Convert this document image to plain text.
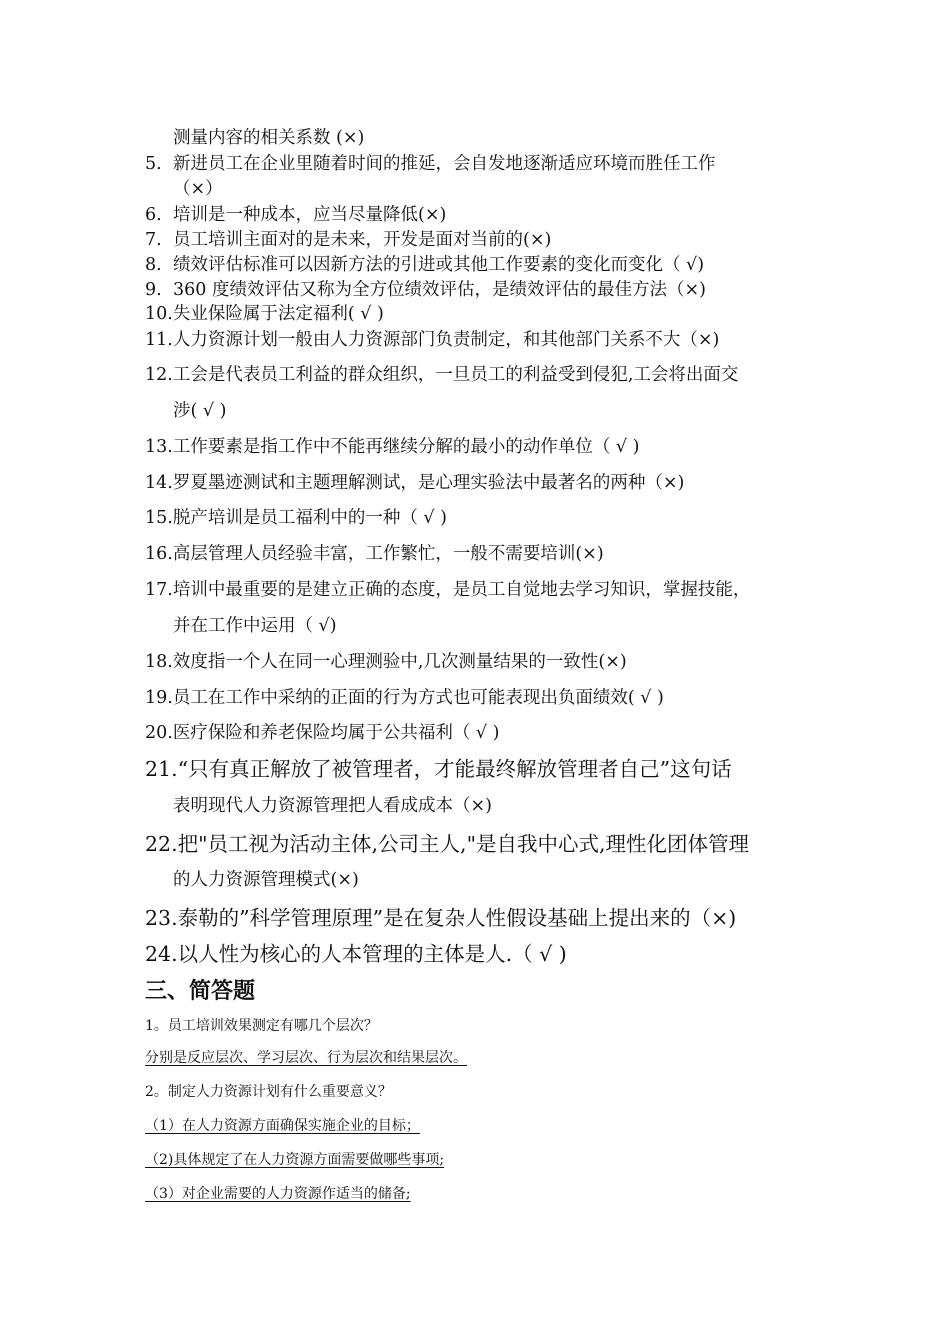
测量内容的相关系数 (×)
5. 新进员工在企业里随着时间的推延，会自发地逐渐适应环境而胜任工作
（×）
6. 培训是一种成本，应当尽量降低(×)
7. 员工培训主面对的是未来，开发是面对当前的(×)
8. 绩效评估标准可以因新方法的引进或其他工作要素的变化而变化（ √)
9. 360 度绩效评估又称为全方位绩效评估，是绩效评估的最佳方法（×)
10.失业保险属于法定福利( √ )
11.人力资源计划一般由人力资源部门负责制定，和其他部门关系不大（×)
12.工会是代表员工利益的群众组织，一旦员工的利益受到侵犯,工会将出面交
涉( √ )
13.工作要素是指工作中不能再继续分解的最小的动作单位（ √ )
14.罗夏墨迹测试和主题理解测试，是心理实验法中最著名的两种（×)
15.脱产培训是员工福利中的一种（ √ )
16.高层管理人员经验丰富，工作繁忙，一般不需要培训(×)
17.培训中最重要的是建立正确的态度，是员工自觉地去学习知识，掌握技能，
并在工作中运用（ √)
18.效度指一个人在同一心理测验中,几次测量结果的一致性(×)
19.员工在工作中采纳的正面的行为方式也可能表现出负面绩效( √ )
20.医疗保险和养老保险均属于公共福利（ √ )
21.“只有真正解放了被管理者，才能最终解放管理者自己”这句话
表明现代人力资源管理把人看成成本（×)
22.把"员工视为活动主体,公司主人,"是自我中心式,理性化团体管理
的人力资源管理模式(×)
23.泰勒的”科学管理原理”是在复杂人性假设基础上提出来的（×)
24.以人性为核心的人本管理的主体是人.（ √ )
三、简答题
1。员工培训效果测定有哪几个层次？
分别是反应层次、学习层次、行为层次和结果层次。
2。制定人力资源计划有什么重要意义？
（1）在人力资源方面确保实施企业的目标；
（2)具体规定了在人力资源方面需要做哪些事项;
（3）对企业需要的人力资源作适当的储备;
